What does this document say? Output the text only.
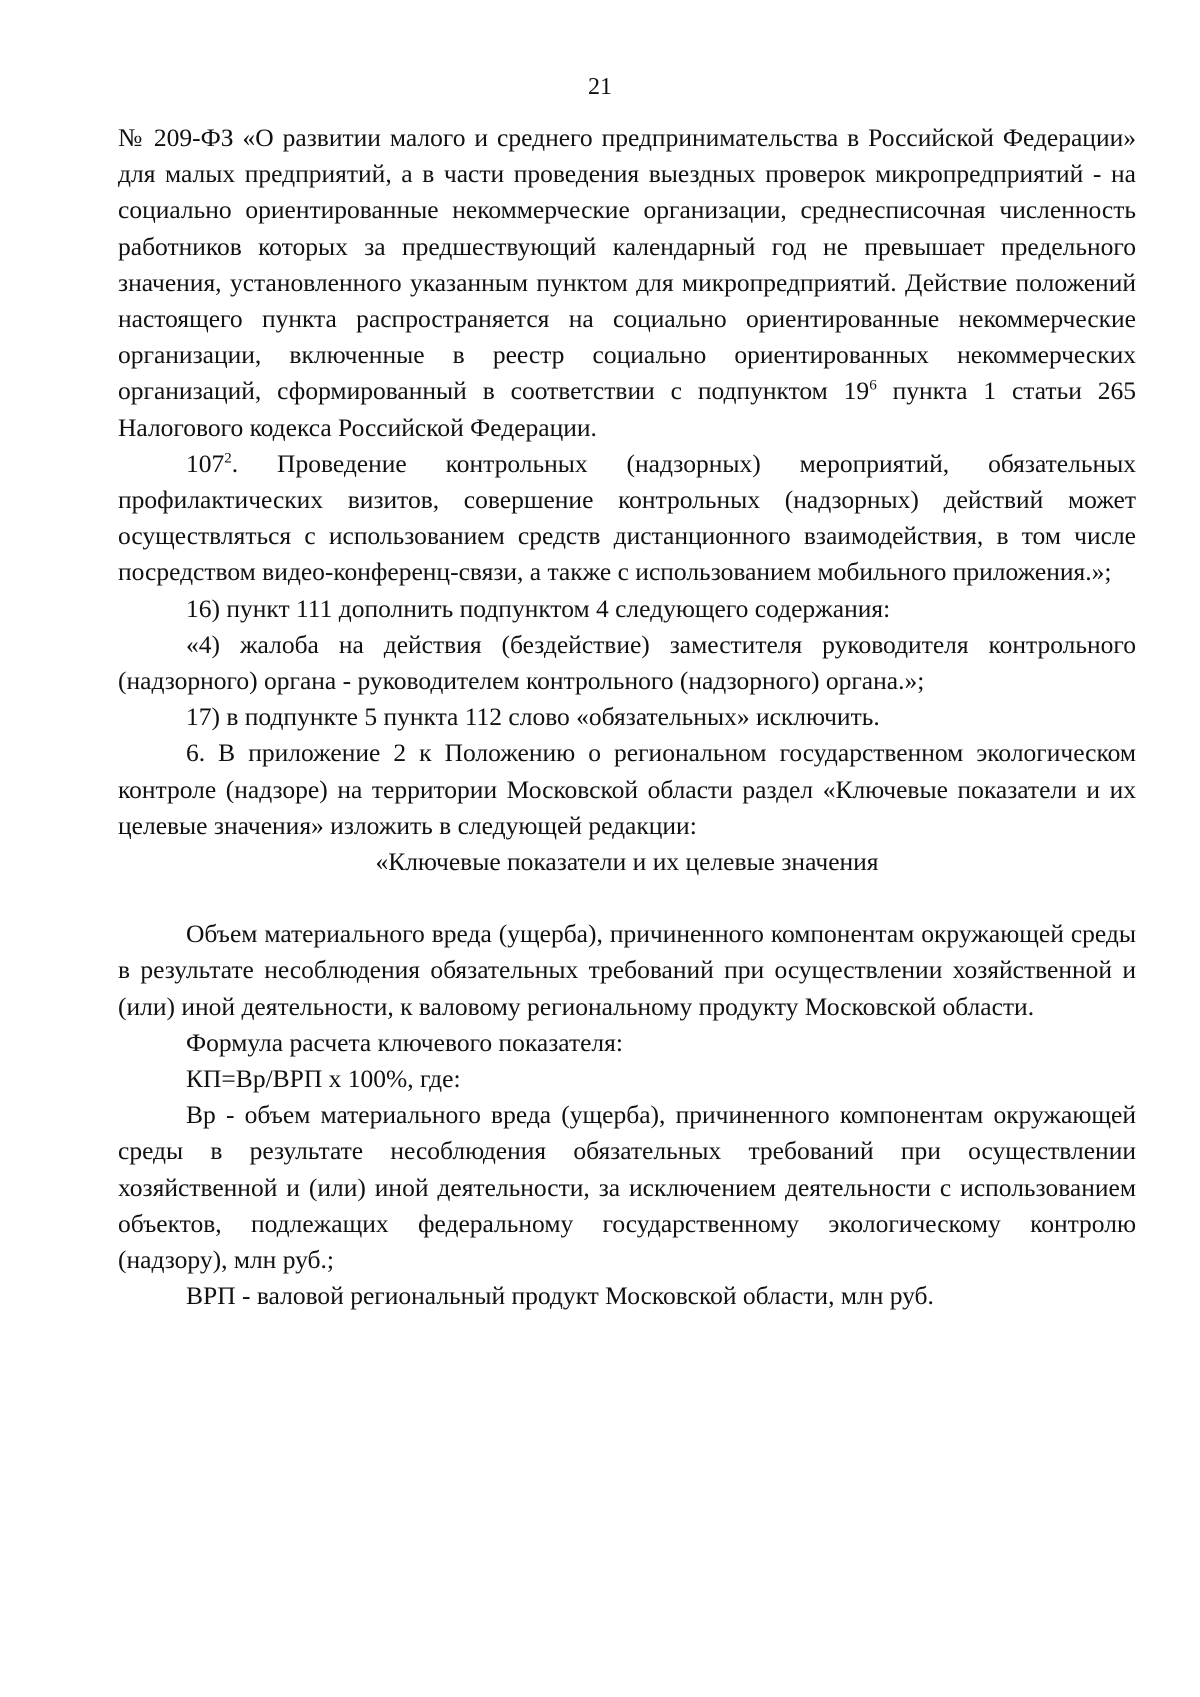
21

№ 209-ФЗ «О развитии малого и среднего предпринимательства в Российской Федерации» для малых предприятий, а в части проведения выездных проверок микропредприятий - на социально ориентированные некоммерческие организации, среднесписочная численность работников которых за предшествующий календарный год не превышает предельного значения, установленного указанным пунктом для микропредприятий. Действие положений настоящего пункта распространяется на социально ориентированные некоммерческие организации, включенные в реестр социально ориентированных некоммерческих организаций, сформированный в соответствии с подпунктом $19^6$ пункта 1 статьи 265 Налогового кодекса Российской Федерации.

$107^2$. Проведение контрольных (надзорных) мероприятий, обязательных профилактических визитов, совершение контрольных (надзорных) действий может осуществляться с использованием средств дистанционного взаимодействия, в том числе посредством видео-конференц-связи, а также с использованием мобильного приложения.»;

16) пункт 111 дополнить подпунктом 4 следующего содержания:

«4) жалоба на действия (бездействие) заместителя руководителя контрольного (надзорного) органа - руководителем контрольного (надзорного) органа.»;

17) в подпункте 5 пункта 112 слово «обязательных» исключить.

6. В приложение 2 к Положению о региональном государственном экологическом контроле (надзоре) на территории Московской области раздел «Ключевые показатели и их целевые значения» изложить в следующей редакции:

«Ключевые показатели и их целевые значения

Объем материального вреда (ущерба), причиненного компонентам окружающей среды в результате несоблюдения обязательных требований при осуществлении хозяйственной и (или) иной деятельности, к валовому региональному продукту Московской области.

Формула расчета ключевого показателя:

КП=Вр/ВРП х 100%, где:

Вр - объем материального вреда (ущерба), причиненного компонентам окружающей среды в результате несоблюдения обязательных требований при осуществлении хозяйственной и (или) иной деятельности, за исключением деятельности с использованием объектов, подлежащих федеральному государственному экологическому контролю (надзору), млн руб.;

ВРП - валовой региональный продукт Московской области, млн руб.
